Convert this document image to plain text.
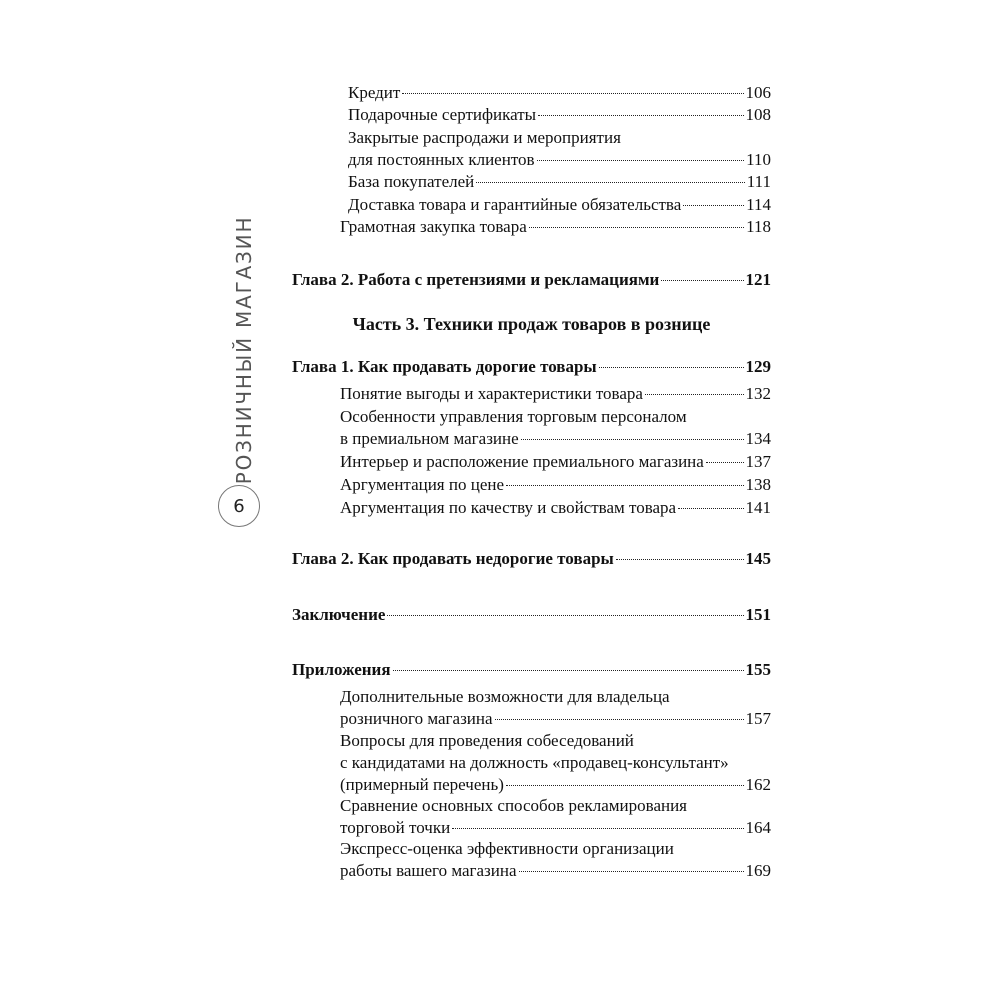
РОЗНИЧНЫЙ МАГАЗИН
6
Кредит	106
Подарочные сертификаты	108
Закрытые распродажи и мероприятия
для постоянных клиентов	110
База покупателей	111
Доставка товара и гарантийные обязательства	114
Грамотная закупка товара	118
Глава 2. Работа с претензиями и рекламациями	121
Часть 3. Техники продаж товаров в рознице
Глава 1. Как продавать дорогие товары	129
Понятие выгоды и характеристики товара	132
Особенности управления торговым персоналом
в премиальном магазине	134
Интерьер и расположение премиального магазина 137
Аргументация по цене	138
Аргументация по качеству и свойствам товара	141
Глава 2. Как продавать недорогие товары	145
Заключение	151
Приложения	155
Дополнительные возможности для владельца
розничного магазина	157
Вопросы для проведения собеседований
с кандидатами на должность «продавец-консультант»
(примерный перечень)	162
Сравнение основных способов рекламирования
торговой точки	164
Экспресс-оценка эффективности организации
работы вашего магазина	169
